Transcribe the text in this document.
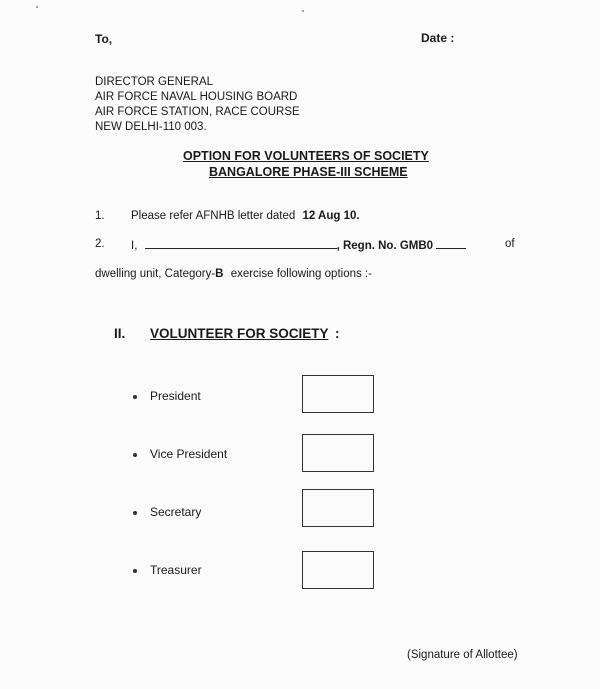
To,	Date :
DIRECTOR GENERAL
AIR FORCE NAVAL HOUSING BOARD
AIR FORCE STATION, RACE COURSE
NEW DELHI-110 003.
OPTION FOR VOLUNTEERS OF SOCIETY
BANGALORE PHASE-III SCHEME
1. Please refer AFNHB letter dated 12 Aug 10.
2. I,	, Regn. No. GMB0	of
dwelling unit, Category-B exercise following options :-
II. VOLUNTEER FOR SOCIETY :
President
Vice President
Secretary
Treasurer
(Signature of Allottee)
